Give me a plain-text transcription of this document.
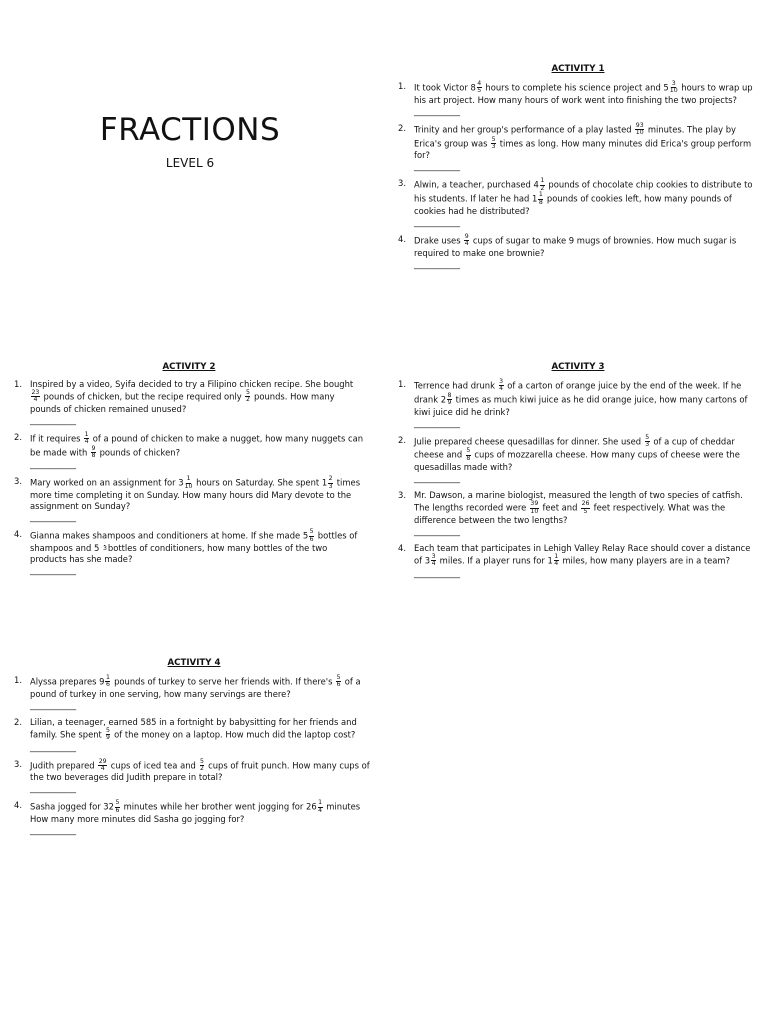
FRACTIONS
LEVEL 6
ACTIVITY 1
1. It took Victor $8 \frac{4}{5}$ hours to complete his science project and $5 \frac{3}{10}$ hours to wrap up his art project. How many hours of work went into finishing the two projects?
___________
2. Trinity and her group's performance of a play lasted $\frac{93}{10}$ minutes. The play by Erica's group was $\frac{5}{3}$ times as long. How many minutes did Erica's group perform for?
___________
3. Alwin, a teacher, purchased $4 \frac{1}{2}$ pounds of chocolate chip cookies to distribute to his students. If later he had $1 \frac{1}{8}$ pounds of cookies left, how many pounds of cookies had he distributed?
___________
4. Drake uses $\frac{9}{4}$ cups of sugar to make 9 mugs of brownies. How much sugar is required to make one brownie?
___________
ACTIVITY 2
1. Inspired by a video, Syifa decided to try a Filipino chicken recipe. She bought
$\frac{23}{4}$ pounds of chicken, but the recipe required only $\frac{5}{2}$ pounds. How many pounds of chicken remained unused?
___________
2. If it requires $\frac{1}{4}$ of a pound of chicken to make a nugget, how many nuggets can be made with $\frac{9}{8}$ pounds of chicken?
___________
3. Mary worked on an assignment for $3 \frac{1}{10}$ hours on Saturday. She spent $1 \frac{2}{3}$ times more time completing it on Sunday. How many hours did Mary devote to the assignment on Sunday?
___________
4. Gianna makes shampoos and conditioners at home. If she made $5 \frac{5}{6}$ bottles of shampoos and 5 3 bottles of conditioners, how many bottles of the two products has she made?
___________
ACTIVITY 3
1. Terrence had drunk $\frac{3}{4}$ of a carton of orange juice by the end of the week. If he drank $2 \frac{8}{9}$ times as much kiwi juice as he did orange juice, how many cartons of kiwi juice did he drink?
___________
2. Julie prepared cheese quesadillas for dinner. She used $\frac{5}{3}$ of a cup of cheddar cheese and $\frac{5}{8}$ cups of mozzarella cheese. How many cups of cheese were the quesadillas made with?
___________
3. Mr. Dawson, a marine biologist, measured the length of two species of catfish. The lengths recorded were $\frac{39}{10}$ feet and $\frac{26}{5}$ feet respectively. What was the difference between the two lengths?
___________
4. Each team that participates in Lehigh Valley Relay Race should cover a distance of $3 \frac{3}{4}$ miles. If a player runs for $1 \frac{1}{4}$ miles, how many players are in a team?
___________
ACTIVITY 4
1. Alyssa prepares $9 \frac{1}{6}$ pounds of turkey to serve her friends with. If there's $\frac{5}{6}$ of a pound of turkey in one serving, how many servings are there?
___________
2. Lilian, a teenager, earned 585 in a fortnight by babysitting for her friends and family. She spent $\frac{5}{9}$ of the money on a laptop. How much did the laptop cost?
___________
3. Judith prepared $\frac{29}{4}$ cups of iced tea and $\frac{5}{2}$ cups of fruit punch. How many cups of the two beverages did Judith prepare in total?
___________
4. Sasha jogged for $32 \frac{5}{6}$ minutes while her brother went jogging for $26 \frac{1}{4}$ minutes How many more minutes did Sasha go jogging for?
___________
